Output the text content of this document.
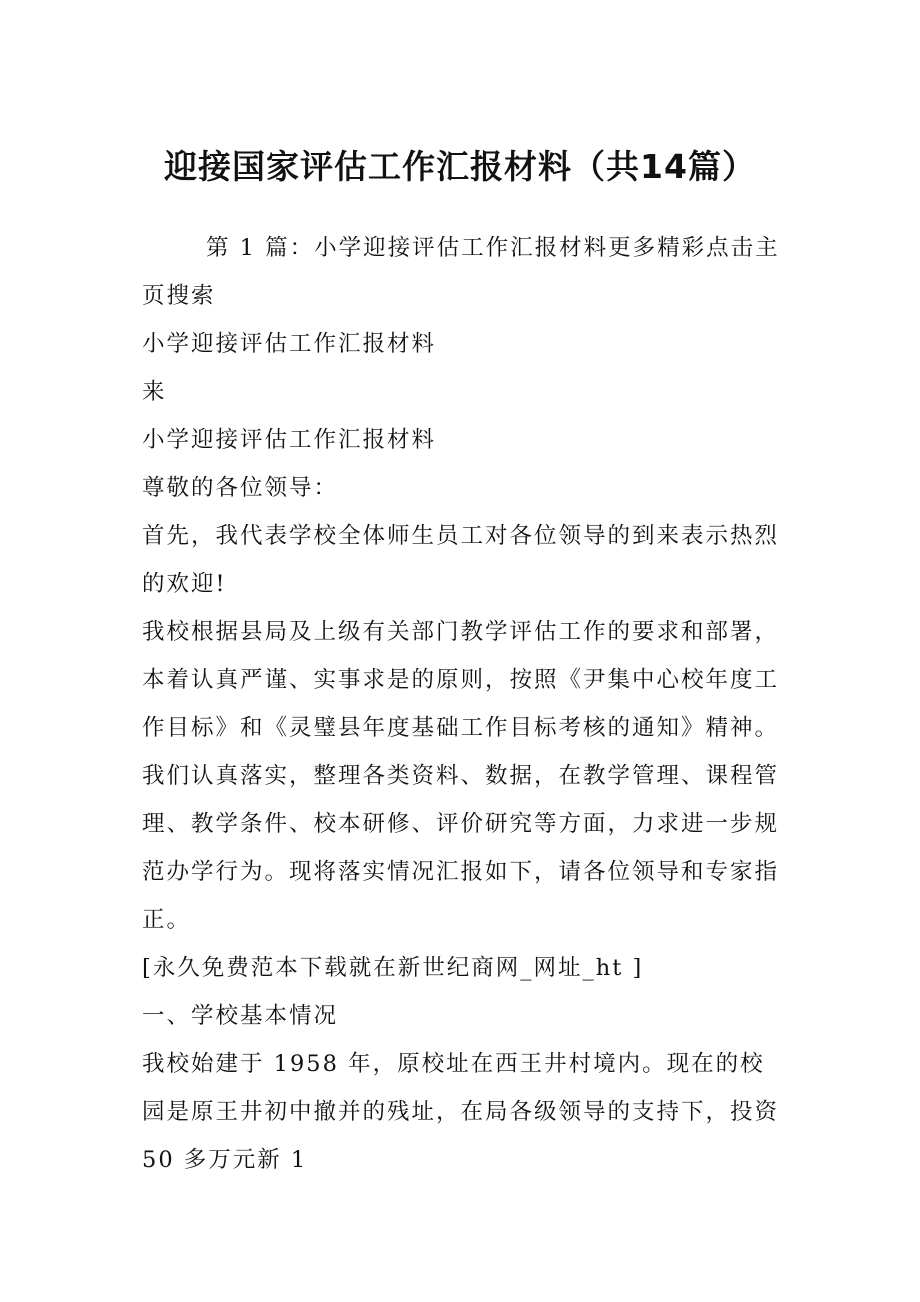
迎接国家评估工作汇报材料（共14篇）

第 1 篇：小学迎接评估工作汇报材料更多精彩点击主页搜索

小学迎接评估工作汇报材料

来

小学迎接评估工作汇报材料

尊敬的各位领导：

首先，我代表学校全体师生员工对各位领导的到来表示热烈的欢迎!

我校根据县局及上级有关部门教学评估工作的要求和部署，本着认真严谨、实事求是的原则，按照《尹集中心校年度工作目标》和《灵璧县年度基础工作目标考核的通知》精神。我们认真落实，整理各类资料、数据，在教学管理、课程管理、教学条件、校本研修、评价研究等方面，力求进一步规范办学行为。现将落实情况汇报如下，请各位领导和专家指正。

[永久免费范本下载就在新世纪商网_网址_ht ]

一、学校基本情况

我校始建于 1958 年，原校址在西王井村境内。现在的校园是原王井初中撤并的残址，在局各级领导的支持下，投资 50 多万元新 1
